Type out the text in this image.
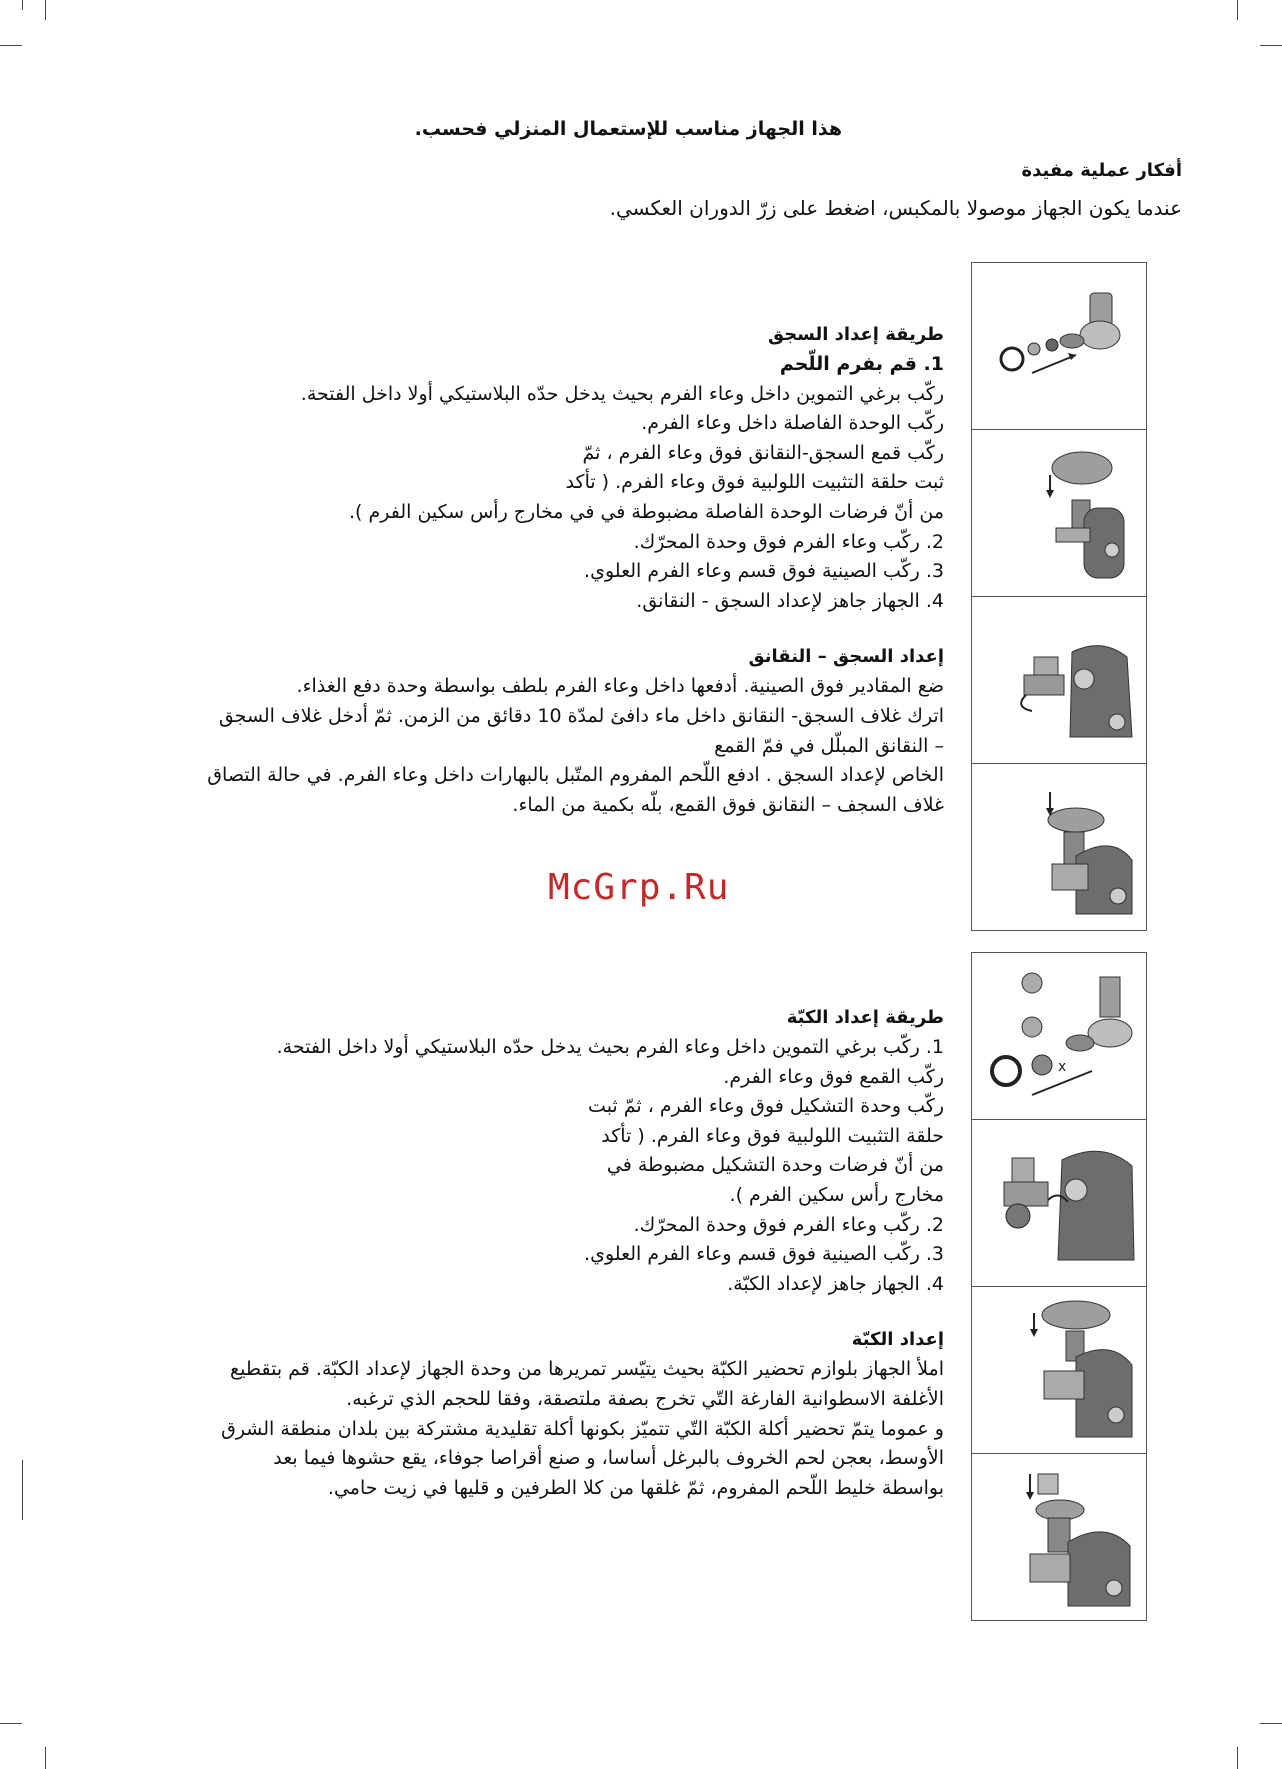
هذا الجهاز مناسب للإستعمال المنزلي فحسب.
أفكار عملية مفيدة
عندما يكون الجهاز موصولا بالمكبس، اضغط على زرّ الدوران العكسي.
طريقة إعداد السجق
1. قم بفرم اللّحم
ركّب برغي التموين داخل وعاء الفرم بحيث يدخل حدّه البلاستيكي أولا داخل الفتحة.
ركّب الوحدة الفاصلة داخل وعاء الفرم.
ركّب قمع السجق-النقانق فوق وعاء الفرم ، ثمّ
ثبت حلقة التثبيت اللولبية فوق وعاء الفرم. ( تأكد
من أنّ فرضات الوحدة الفاصلة مضبوطة في في مخارج رأس سكين الفرم ).
2. ركّب وعاء الفرم فوق وحدة المحرّك.
3. ركّب الصينية فوق قسم وعاء الفرم العلوي.
4. الجهاز جاهز لإعداد السجق - النقانق.
إعداد السجق – النقانق
ضع المقادير فوق الصينية. أدفعها داخل وعاء الفرم بلطف بواسطة وحدة دفع الغذاء.
اترك غلاف السجق- النقانق داخل ماء دافئ لمدّة 10 دقائق من الزمن. ثمّ أدخل غلاف السجق
– النقانق المبلّل في فمّ القمع
الخاص لإعداد السجق . ادفع اللّحم المفروم المتّبل بالبهارات داخل وعاء الفرم. في حالة التصاق
غلاف السجف – النقانق فوق القمع، بلّه بكمية من الماء.
McGrp.Ru
طريقة إعداد الكبّة
1. ركّب برغي التموين داخل وعاء الفرم بحيث يدخل حدّه البلاستيكي أولا داخل الفتحة.
ركّب القمع فوق وعاء الفرم.
ركّب وحدة التشكيل فوق وعاء الفرم ، ثمّ ثبت
حلقة التثبيت اللولبية فوق وعاء الفرم. ( تأكد
من أنّ فرضات وحدة التشكيل مضبوطة في
مخارج رأس سكين الفرم ).
2. ركّب وعاء الفرم فوق وحدة المحرّك.
3. ركّب الصينية فوق قسم وعاء الفرم العلوي.
4. الجهاز جاهز لإعداد الكبّة.
إعداد الكبّة
املأ الجهاز بلوازم تحضير الكبّة بحيث يتيّسر تمريرها من وحدة الجهاز لإعداد الكبّة. قم بتقطيع
الأغلفة الاسطوانية الفارغة التّي تخرج بصفة ملتصقة، وفقا للحجم الذي ترغبه.
و عموما يتمّ تحضير أكلة الكبّة التّي تتميّز بكونها أكلة تقليدية مشتركة بين بلدان منطقة الشرق
الأوسط، بعجن لحم الخروف بالبرغل أساسا، و صنع أقراصا جوفاء، يقع حشوها فيما بعد
بواسطة خليط اللّحم المفروم، ثمّ غلقها من كلا الطرفين و قليها في زيت حامي.
x
